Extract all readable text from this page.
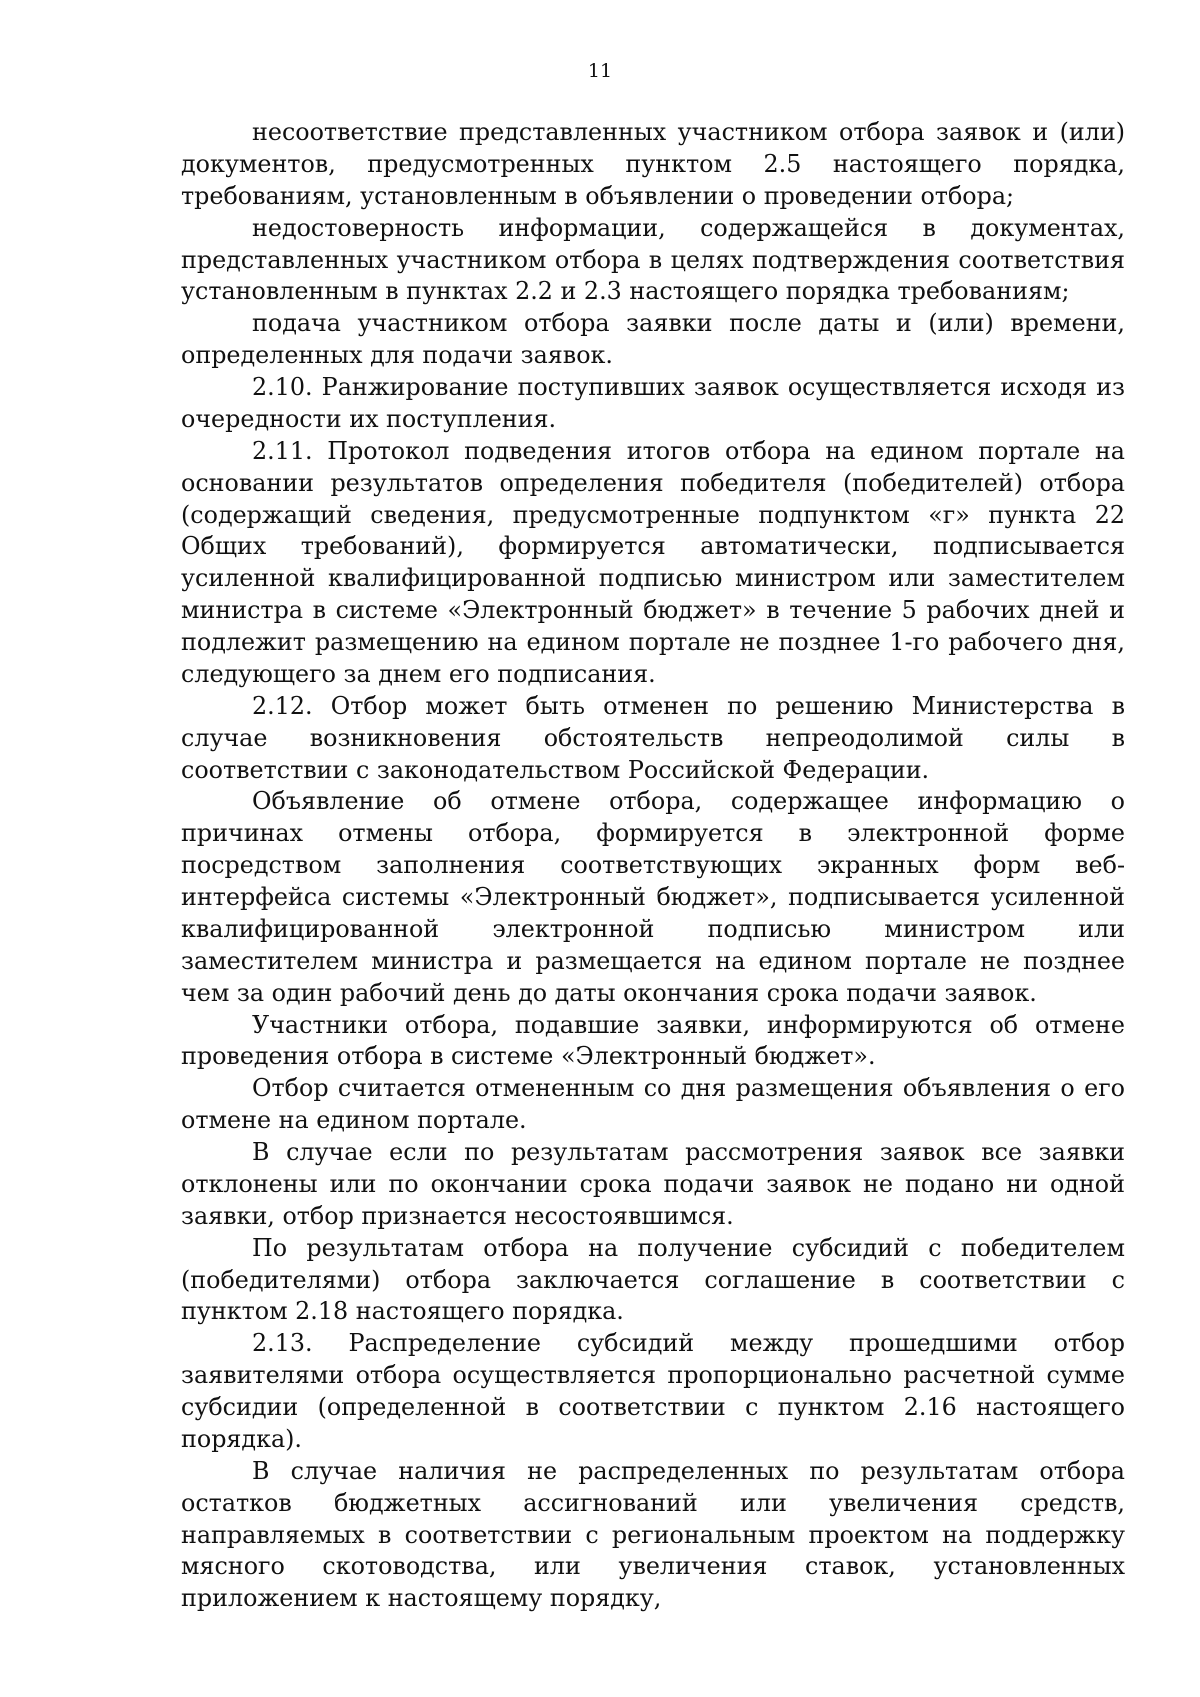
11

несоответствие представленных участником отбора заявок и (или) документов, предусмотренных пунктом 2.5 настоящего порядка, требованиям, установленным в объявлении о проведении отбора;

недостоверность информации, содержащейся в документах, представленных участником отбора в целях подтверждения соответствия установленным в пунктах 2.2 и 2.3 настоящего порядка требованиям;

подача участником отбора заявки после даты и (или) времени, определенных для подачи заявок.

2.10. Ранжирование поступивших заявок осуществляется исходя из очередности их поступления.

2.11. Протокол подведения итогов отбора на едином портале на основании результатов определения победителя (победителей) отбора (содержащий сведения, предусмотренные подпунктом «г» пункта 22 Общих требований), формируется автоматически, подписывается усиленной квалифицированной подписью министром или заместителем министра в системе «Электронный бюджет» в течение 5 рабочих дней и подлежит размещению на едином портале не позднее 1-го рабочего дня, следующего за днем его подписания.

2.12. Отбор может быть отменен по решению Министерства в случае возникновения обстоятельств непреодолимой силы в соответствии с законодательством Российской Федерации.

Объявление об отмене отбора, содержащее информацию о причинах отмены отбора, формируется в электронной форме посредством заполнения соответствующих экранных форм веб-интерфейса системы «Электронный бюджет», подписывается усиленной квалифицированной электронной подписью министром или заместителем министра и размещается на едином портале не позднее чем за один рабочий день до даты окончания срока подачи заявок.

Участники отбора, подавшие заявки, информируются об отмене проведения отбора в системе «Электронный бюджет».

Отбор считается отмененным со дня размещения объявления о его отмене на едином портале.

В случае если по результатам рассмотрения заявок все заявки отклонены или по окончании срока подачи заявок не подано ни одной заявки, отбор признается несостоявшимся.

По результатам отбора на получение субсидий с победителем (победителями) отбора заключается соглашение в соответствии с пунктом 2.18 настоящего порядка.

2.13. Распределение субсидий между прошедшими отбор заявителями отбора осуществляется пропорционально расчетной сумме субсидии (определенной в соответствии с пунктом 2.16 настоящего порядка).

В случае наличия не распределенных по результатам отбора остатков бюджетных ассигнований или увеличения средств, направляемых в соответствии с региональным проектом на поддержку мясного скотоводства, или увеличения ставок, установленных приложением к настоящему порядку,
